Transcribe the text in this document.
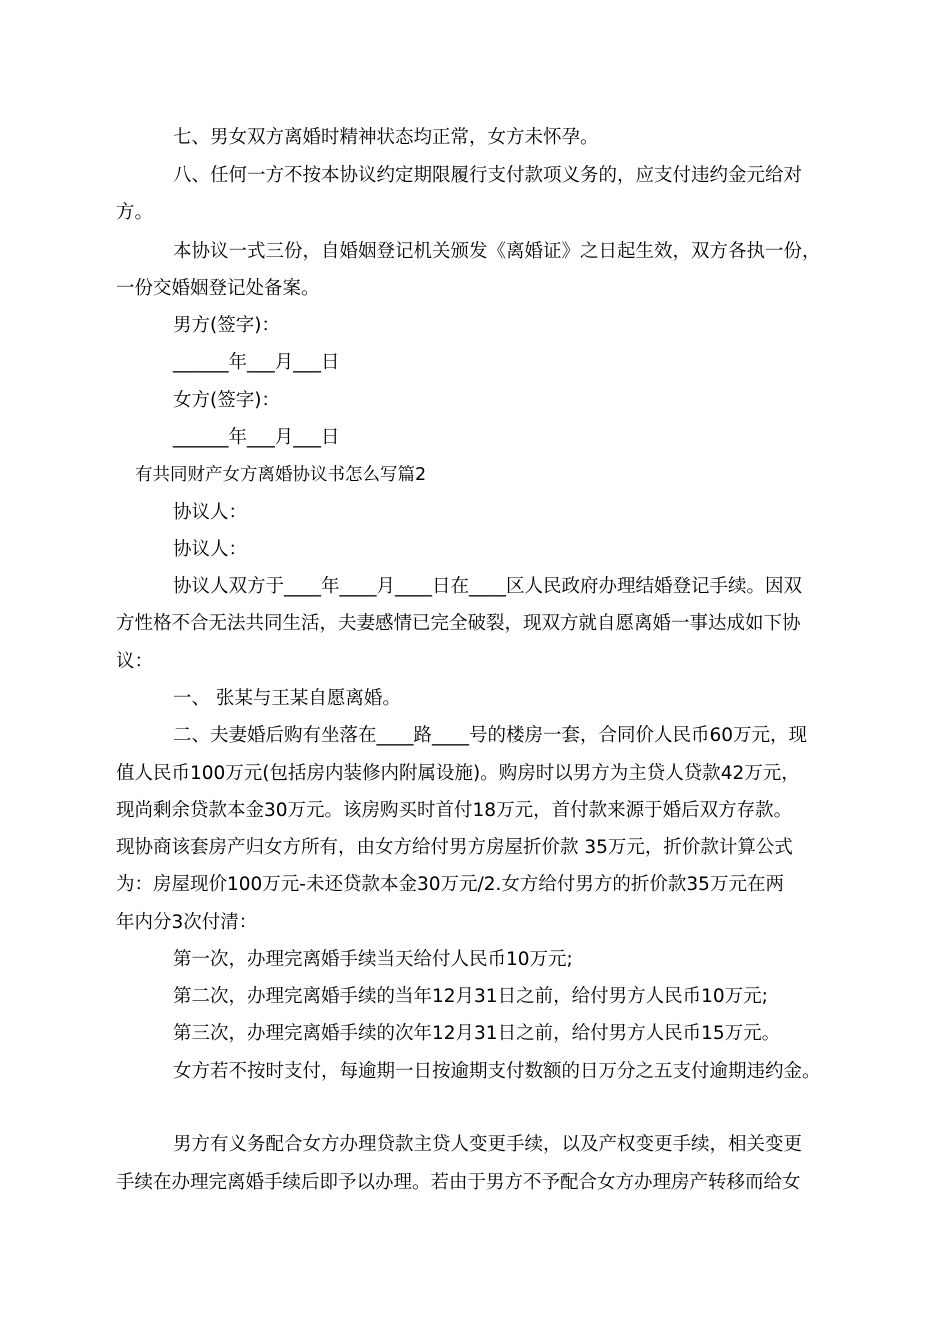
七、男女双方离婚时精神状态均正常，女方未怀孕。
八、任何一方不按本协议约定期限履行支付款项义务的，应支付违约金元给对
方。
本协议一式三份，自婚姻登记机关颁发《离婚证》之日起生效，双方各执一份，
一份交婚姻登记处备案。
男方(签字)：
______年___月___日
女方(签字)：
______年___月___日
有共同财产女方离婚协议书怎么写篇2
协议人：
协议人：
协议人双方于____年____月____日在____区人民政府办理结婚登记手续。因双
方性格不合无法共同生活，夫妻感情已完全破裂，现双方就自愿离婚一事达成如下协
议：
一、 张某与王某自愿离婚。
二、夫妻婚后购有坐落在____路____号的楼房一套，合同价人民币60万元，现
值人民币100万元(包括房内装修内附属设施)。购房时以男方为主贷人贷款42万元，
现尚剩余贷款本金30万元。该房购买时首付18万元，首付款来源于婚后双方存款。
现协商该套房产归女方所有，由女方给付男方房屋折价款 35万元，折价款计算公式
为：房屋现价100万元-未还贷款本金30万元/2.女方给付男方的折价款35万元在两
年内分3次付清：
第一次，办理完离婚手续当天给付人民币10万元;
第二次，办理完离婚手续的当年12月31日之前，给付男方人民币10万元;
第三次，办理完离婚手续的次年12月31日之前，给付男方人民币15万元。
女方若不按时支付，每逾期一日按逾期支付数额的日万分之五支付逾期违约金。
男方有义务配合女方办理贷款主贷人变更手续，以及产权变更手续，相关变更
手续在办理完离婚手续后即予以办理。若由于男方不予配合女方办理房产转移而给女
